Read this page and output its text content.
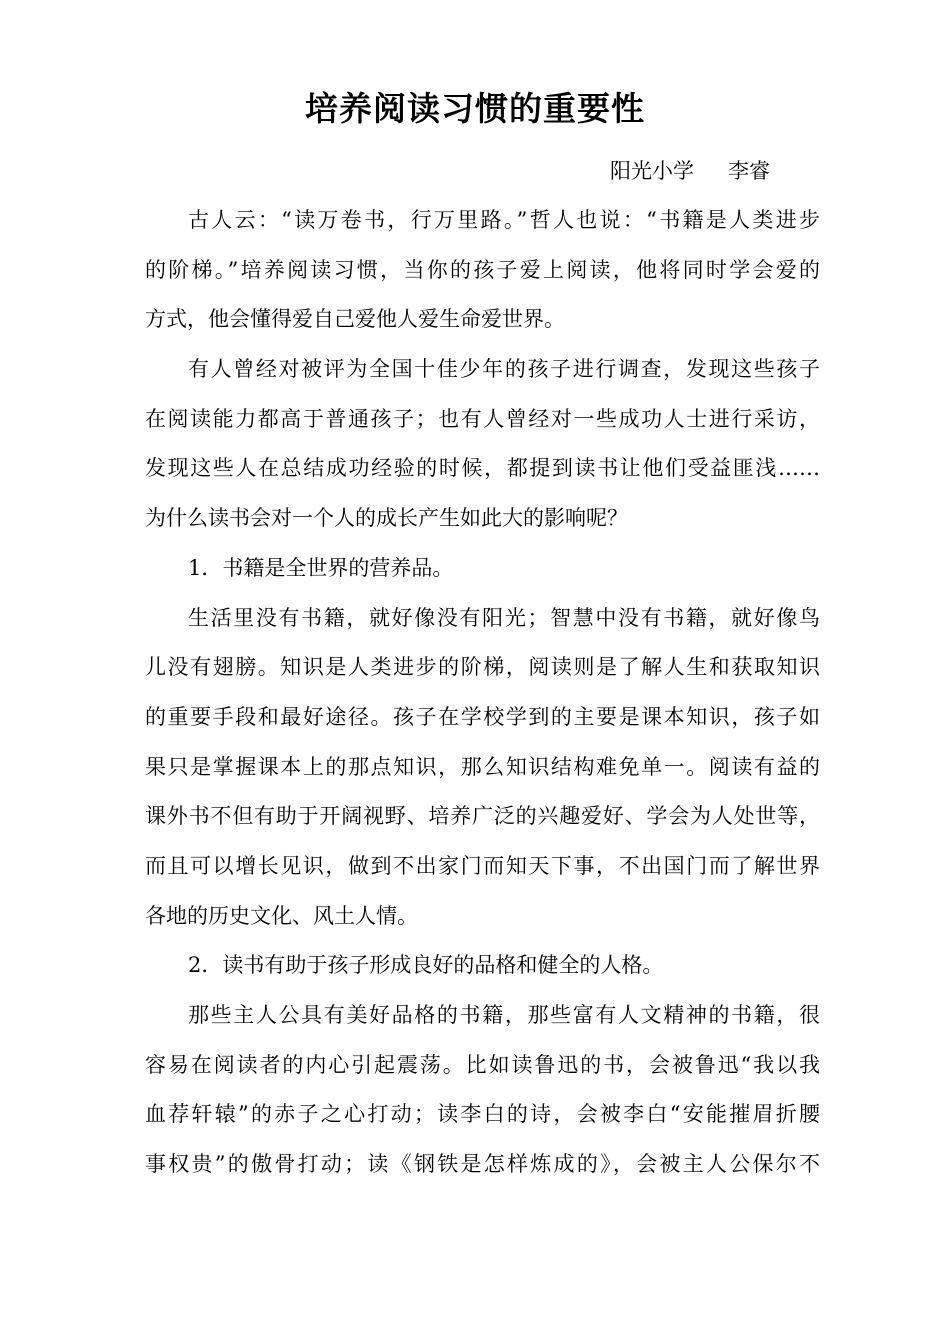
培养阅读习惯的重要性
阳光小学 李睿
古人云：“读万卷书，行万里路。”哲人也说：“书籍是人类进步
的阶梯。”培养阅读习惯，当你的孩子爱上阅读，他将同时学会爱的
方式，他会懂得爱自己爱他人爱生命爱世界。
有人曾经对被评为全国十佳少年的孩子进行调查，发现这些孩子
在阅读能力都高于普通孩子；也有人曾经对一些成功人士进行采访，
发现这些人在总结成功经验的时候，都提到读书让他们受益匪浅……
为什么读书会对一个人的成长产生如此大的影响呢？
1．书籍是全世界的营养品。
生活里没有书籍，就好像没有阳光；智慧中没有书籍，就好像鸟
儿没有翅膀。知识是人类进步的阶梯，阅读则是了解人生和获取知识
的重要手段和最好途径。孩子在学校学到的主要是课本知识，孩子如
果只是掌握课本上的那点知识，那么知识结构难免单一。阅读有益的
课外书不但有助于开阔视野、培养广泛的兴趣爱好、学会为人处世等，
而且可以增长见识，做到不出家门而知天下事，不出国门而了解世界
各地的历史文化、风土人情。
2．读书有助于孩子形成良好的品格和健全的人格。
那些主人公具有美好品格的书籍，那些富有人文精神的书籍，很
容易在阅读者的内心引起震荡。比如读鲁迅的书，会被鲁迅“我以我
血荐轩辕”的赤子之心打动；读李白的诗，会被李白“安能摧眉折腰
事权贵”的傲骨打动；读《钢铁是怎样炼成的》，会被主人公保尔不
